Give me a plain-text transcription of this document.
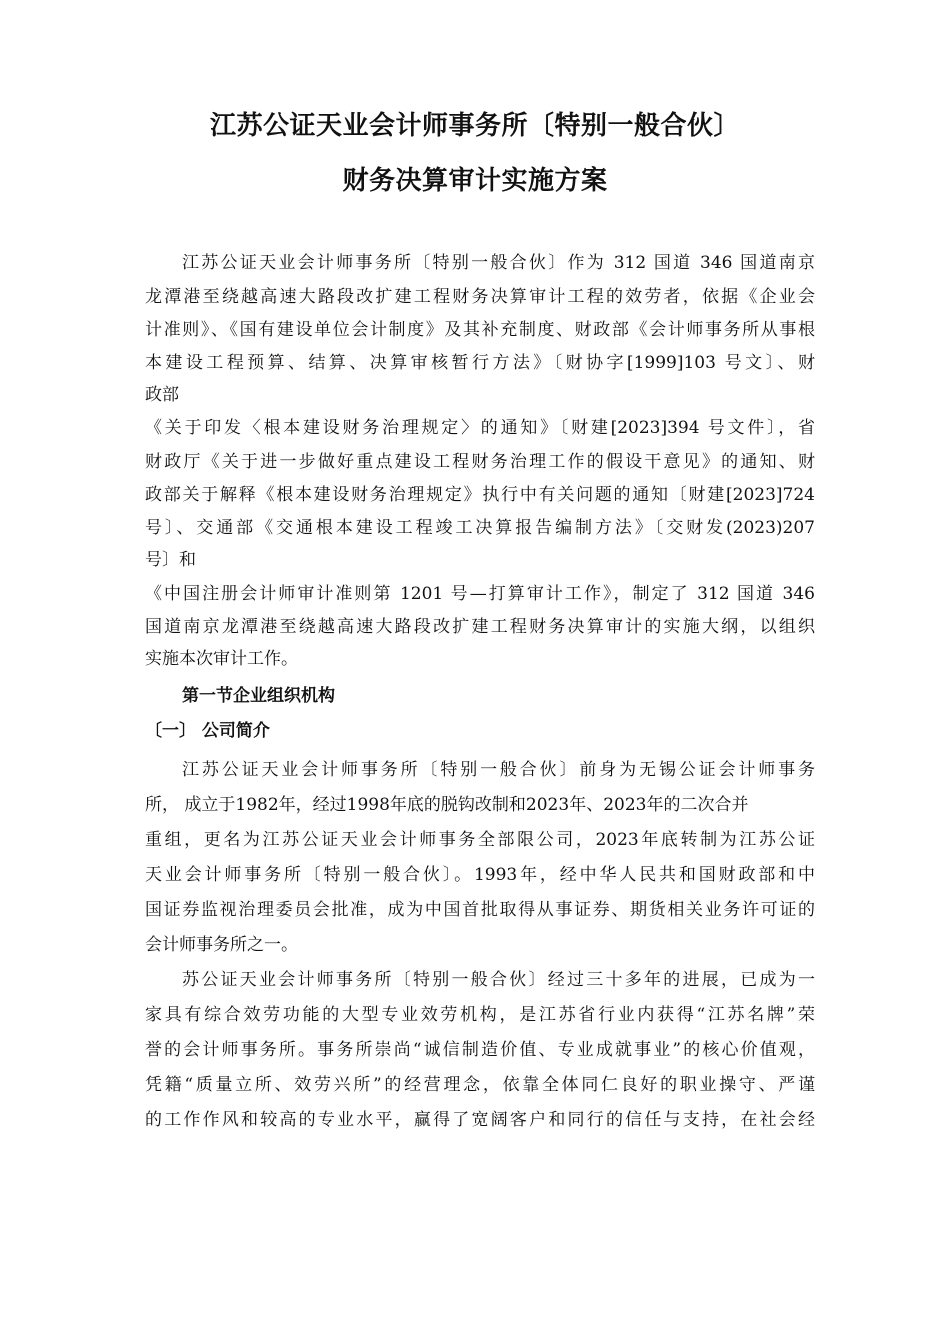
江苏公证天业会计师事务所〔特别一般合伙〕
财务决算审计实施方案
江苏公证天业会计师事务所〔特别一般合伙〕作为 312 国道 346 国道南京
龙潭港至绕越高速大路段改扩建工程财务决算审计工程的效劳者，依据《企业会
计准则》、《国有建设单位会计制度》及其补充制度、财政部《会计师事务所从事根
本建设工程预算、结算、决算审核暂行方法》〔财协字[1999]103 号文〕、财
政部
《关于印发〈根本建设财务治理规定〉的通知》〔财建[2023]394 号文件〕，省
财政厅《关于进一步做好重点建设工程财务治理工作的假设干意见》的通知、财
政部关于解释《根本建设财务治理规定》执行中有关问题的通知〔财建[2023]724
号〕、交通部《交通根本建设工程竣工决算报告编制方法》〔交财发(2023)207
号〕和
《中国注册会计师审计准则第 1201 号—打算审计工作》，制定了 312 国道 346
国道南京龙潭港至绕越高速大路段改扩建工程财务决算审计的实施大纲，以组织
实施本次审计工作。
第一节企业组织机构
〔一〕 公司简介
江苏公证天业会计师事务所〔特别一般合伙〕前身为无锡公证会计师事务
所， 成立于1982年，经过1998年底的脱钩改制和2023年、2023年的二次合并
重组，更名为江苏公证天业会计师事务全部限公司，2023年底转制为江苏公证
天业会计师事务所〔特别一般合伙〕。1993年，经中华人民共和国财政部和中
国证券监视治理委员会批准，成为中国首批取得从事证券、期货相关业务许可证的
会计师事务所之一。
苏公证天业会计师事务所〔特别一般合伙〕经过三十多年的进展，已成为一
家具有综合效劳功能的大型专业效劳机构，是江苏省行业内获得“江苏名牌”荣
誉的会计师事务所。事务所崇尚“诚信制造价值、专业成就事业”的核心价值观，
凭籍“质量立所、效劳兴所”的经营理念，依靠全体同仁良好的职业操守、严谨
的工作作风和较高的专业水平，赢得了宽阔客户和同行的信任与支持，在社会经
